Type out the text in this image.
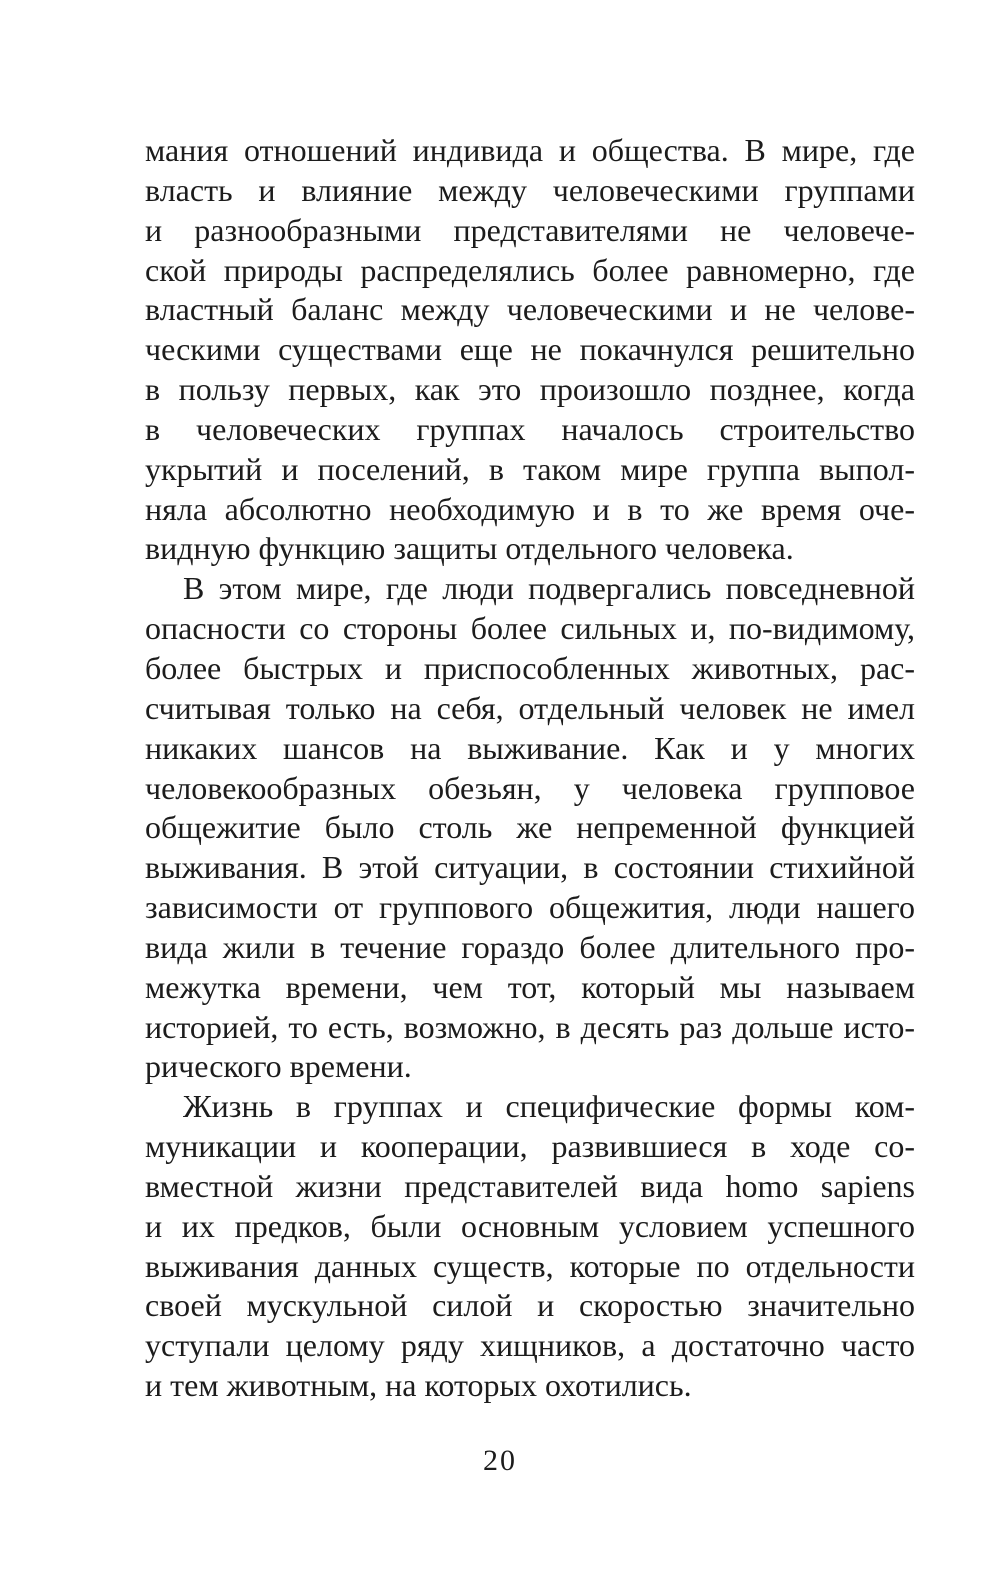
мания отношений индивида и общества. В мире, где
власть и влияние между человеческими группами
и разнообразными представителями не человече-
ской природы распределялись более равномерно, где
властный баланс между человеческими и не челове-
ческими существами еще не покачнулся решительно
в пользу первых, как это произошло позднее, когда
в человеческих группах началось строительство
укрытий и поселений, в таком мире группа выпол-
няла абсолютно необходимую и в то же время оче-
видную функцию защиты отдельного человека.
В этом мире, где люди подвергались повседневной
опасности со стороны более сильных и, по-видимому,
более быстрых и приспособленных животных, рас-
считывая только на себя, отдельный человек не имел
никаких шансов на выживание. Как и у многих
человекообразных обезьян, у человека групповое
общежитие было столь же непременной функцией
выживания. В этой ситуации, в состоянии стихийной
зависимости от группового общежития, люди нашего
вида жили в течение гораздо более длительного про-
межутка времени, чем тот, который мы называем
историей, то есть, возможно, в десять раз дольше исто-
рического времени.
Жизнь в группах и специфические формы ком-
муникации и кооперации, развившиеся в ходе со-
вместной жизни представителей вида homo sapiens
и их предков, были основным условием успешного
выживания данных существ, которые по отдельности
своей мускульной силой и скоростью значительно
уступали целому ряду хищников, а достаточно часто
и тем животным, на которых охотились.
20
